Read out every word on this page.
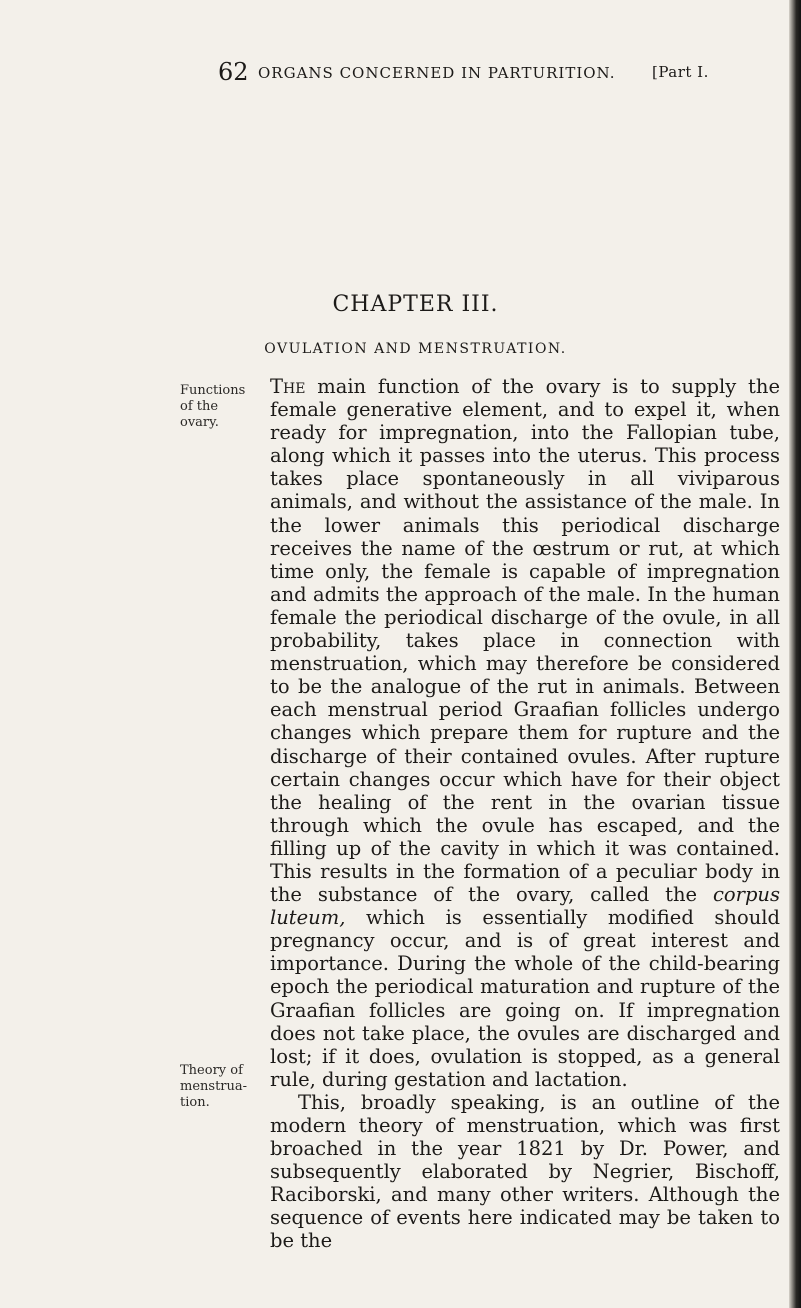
62 ORGANS CONCERNED IN PARTURITION. [Part I.
CHAPTER III.
OVULATION AND MENSTRUATION.
Functions of the ovary.
Theory of menstrua-tion.

The main function of the ovary is to supply the female generative element, and to expel it, when ready for impregnation, into the Fallopian tube, along which it passes into the uterus. This process takes place spontaneously in all viviparous animals, and without the assistance of the male. In the lower animals this periodical discharge receives the name of the œstrum or rut, at which time only, the female is capable of impregnation and admits the approach of the male. In the human female the periodical discharge of the ovule, in all probability, takes place in connection with menstruation, which may therefore be considered to be the analogue of the rut in animals. Between each menstrual period Graafian follicles undergo changes which prepare them for rupture and the discharge of their contained ovules. After rupture certain changes occur which have for their object the healing of the rent in the ovarian tissue through which the ovule has escaped, and the filling up of the cavity in which it was contained. This results in the formation of a peculiar body in the substance of the ovary, called the corpus luteum, which is essentially modified should pregnancy occur, and is of great interest and importance. During the whole of the child-bearing epoch the periodical maturation and rupture of the Graafian follicles are going on. If impregnation does not take place, the ovules are discharged and lost; if it does, ovulation is stopped, as a general rule, during gestation and lactation.

This, broadly speaking, is an outline of the modern theory of menstruation, which was first broached in the year 1821 by Dr. Power, and subsequently elaborated by Negrier, Bischoff, Raciborski, and many other writers. Although the sequence of events here indicated may be taken to be the
